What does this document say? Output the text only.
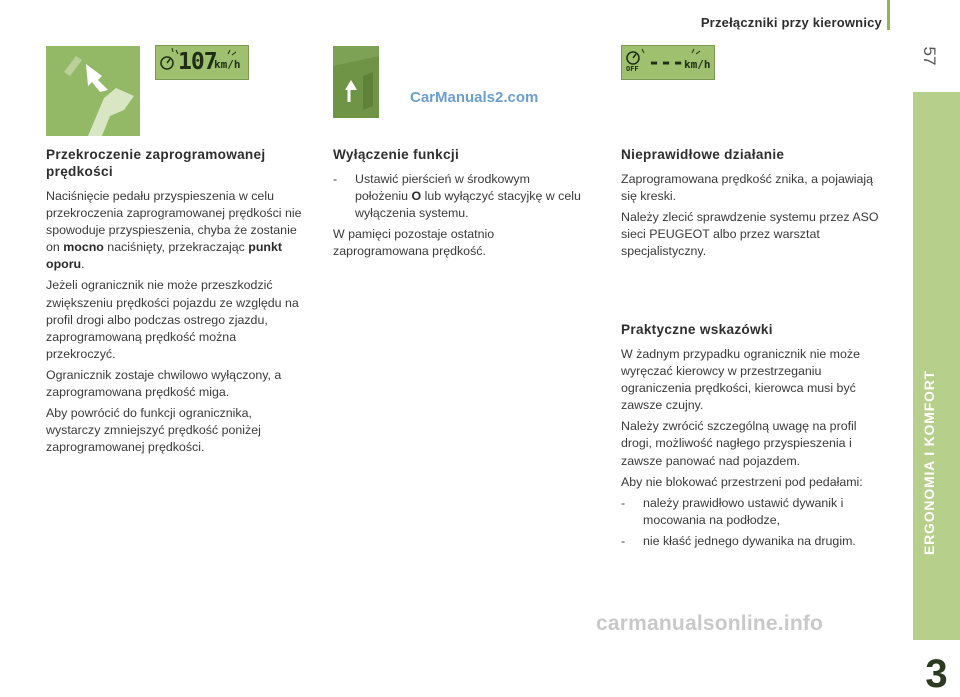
Przełączniki przy kierownicy
57
ERGONOMIA I KOMFORT
3
107
km/h
CarManuals2.com
OFF --- km/h
Przekroczenie zaprogramowanej prędkości

Naciśnięcie pedału przyspieszenia w celu przekroczenia zaprogramowanej prędkości nie spowoduje przyspieszenia, chyba że zostanie on mocno naciśnięty, przekraczając punkt oporu.

Jeżeli ogranicznik nie może przeszkodzić zwiększeniu prędkości pojazdu ze względu na profil drogi albo podczas ostrego zjazdu, zaprogramowaną prędkość można przekroczyć.

Ogranicznik zostaje chwilowo wyłączony, a zaprogramowana prędkość miga.

Aby powrócić do funkcji ogranicznika, wystarczy zmniejszyć prędkość poniżej zaprogramowanej prędkości.

Wyłączenie funkcji
-	Ustawić pierścień w środkowym położeniu O lub wyłączyć stacyjkę w celu wyłączenia systemu.

W pamięci pozostaje ostatnio zaprogramowana prędkość.

Nieprawidłowe działanie

Zaprogramowana prędkość znika, a pojawiają się kreski.

Należy zlecić sprawdzenie systemu przez ASO sieci PEUGEOT albo przez warsztat specjalistyczny.

Praktyczne wskazówki

W żadnym przypadku ogranicznik nie może wyręczać kierowcy w przestrzeganiu ograniczenia prędkości, kierowca musi być zawsze czujny.

Należy zwrócić szczególną uwagę na profil drogi, możliwość nagłego przyspieszenia i zawsze panować nad pojazdem.

Aby nie blokować przestrzeni pod pedałami:

-	należy prawidłowo ustawić dywanik i mocowania na podłodze,
-	nie kłaść jednego dywanika na drugim.
carmanualsonline.info
